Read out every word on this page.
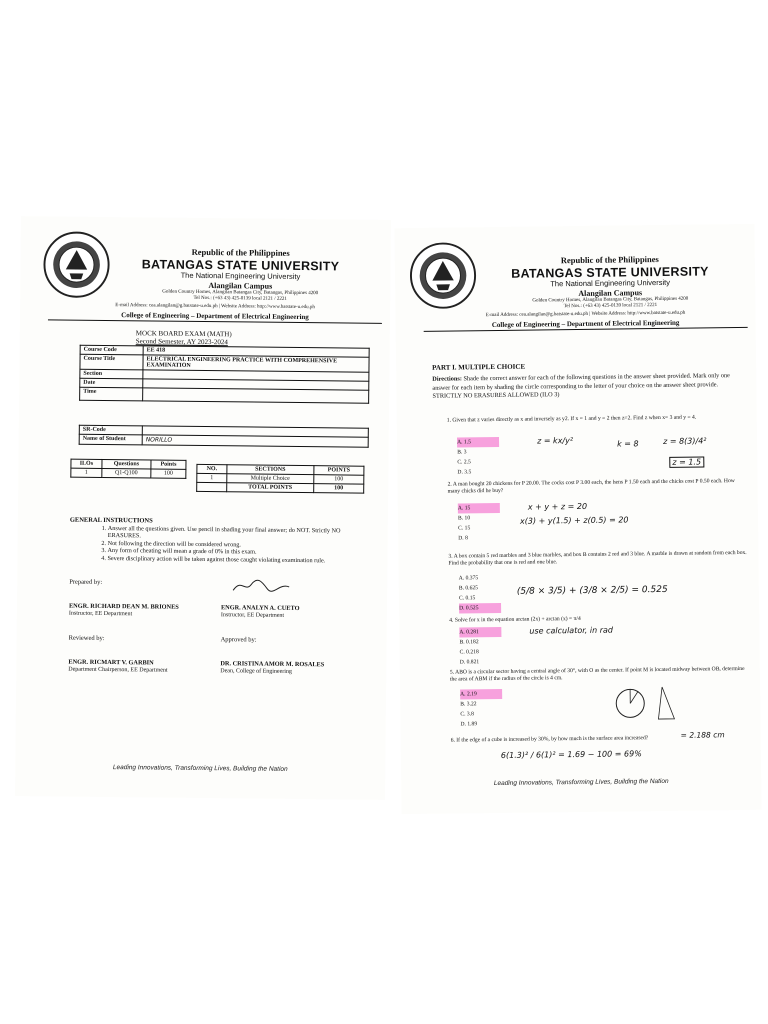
Republic of the Philippines
BATANGAS STATE UNIVERSITY
The National Engineering University
Alangilan Campus
Golden Country Homes, Alangilan Batangas City, Batangas, Philippines 4200
Tel Nos.: (+63 43) 425-0139 local 2121 / 2221
E-mail Address: cea.alangilan@g.batstate-u.edu.ph | Website Address: http://www.batstate-u.edu.ph
College of Engineering – Department of Electrical Engineering
MOCK BOARD EXAM (MATH)
Second Semester, AY 2023-2024
Course Code	EE 418
Course Title	ELECTRICAL ENGINEERING PRACTICE WITH COMPREHENSIVE EXAMINATION
Section	
Date	
Time	
SR-Code	
Name of Student	NORILLO
ILOs	Questions	Points
1	Q1-Q100	100
NO.	SECTIONS	POINTS
1	Multiple Choice	100
	TOTAL POINTS	100
GENERAL INSTRUCTIONS
1. Answer all the questions given. Use pencil in shading your final answer; do NOT. Strictly NO ERASURES.
2. Not following the direction will be considered wrong.
3. Any form of cheating will mean a grade of 0% in this exam.
4. Severe disciplinary action will be taken against those caught violating examination rule.
Prepared by:
ENGR. RICHARD DEAN M. BRIONES
Instructor, EE Department
ENGR. ANALYN A. CUETO
Instructor, EE Department
Reviewed by:	Approved by:
ENGR. RICMART V. GARBIN
Department Chairperson, EE Department
DR. CRISTINA AMOR M. ROSALES
Dean, College of Engineering
Leading Innovations, Transforming Lives, Building the Nation
Republic of the Philippines
BATANGAS STATE UNIVERSITY
The National Engineering University
Alangilan Campus
Golden Country Homes, Alangilan Batangas City, Batangas, Philippines 4200
Tel Nos.: (+63 43) 425-0139 local 2121 / 2221
E-mail Address: cea.alangilan@g.batstate-u.edu.ph | Website Address: http://www.batstate-u.edu.ph
College of Engineering – Department of Electrical Engineering
PART I. MULTIPLE CHOICE
Directions: Shade the correct answer for each of the following questions in the answer sheet provided. Mark only one answer for each item by shading the circle corresponding to the letter of your choice on the answer sheet provide. STRICTLY NO ERASURES ALLOWED (ILO 3)
1. Given that z varies directly as x and inversely as y2. If x = 1 and y = 2 then z=2. Find z when x= 3 and y = 4.
A. 1.5
B. 3
C. 2.5
D. 3.5
z = kx/y²	k = 8	z = 8(3)/4²
z = 1.5
2. A man bought 20 chickens for P 20.00. The cocks cost P 3.00 each, the hens P 1.50 each and the chicks cost P 0.50 each. How many chicks did he buy?
A. 15
B. 10
C. 15
D. 8
x + y + z = 20
x(3) + y(1.5) + z(0.5) = 20
3. A box contain 5 red marbles and 3 blue marbles, and box B contains 2 red and 3 blue. A marble is drawn at random from each box. Find the probability that one is red and one blue.
A. 0.375
B. 0.625
C. 0.15
D. 0.525
(5/8 × 3/5) + (3/8 × 2/5) = 0.525
4. Solve for x in the equation arctan (2x) + arctan (x) = π/4
A. 0.281
B. 0.182
C. 0.218
D. 0.821
use calculator, in rad
5. ABO is a circular sector having a central angle of 30°, with O as the center. If point M is located midway between OB, determine the area of ABM if the radius of the circle is 4 cm.
A. 2.19
B. 3.22
C. 3.8
D. 1.89
= 2.188 cm
6. If the edge of a cube is increased by 30%, by how much is the surface area increased?
6(1.3)² / 6(1)² = 1.69 − 100 = 69%
Leading Innovations, Transforming Lives, Building the Nation
